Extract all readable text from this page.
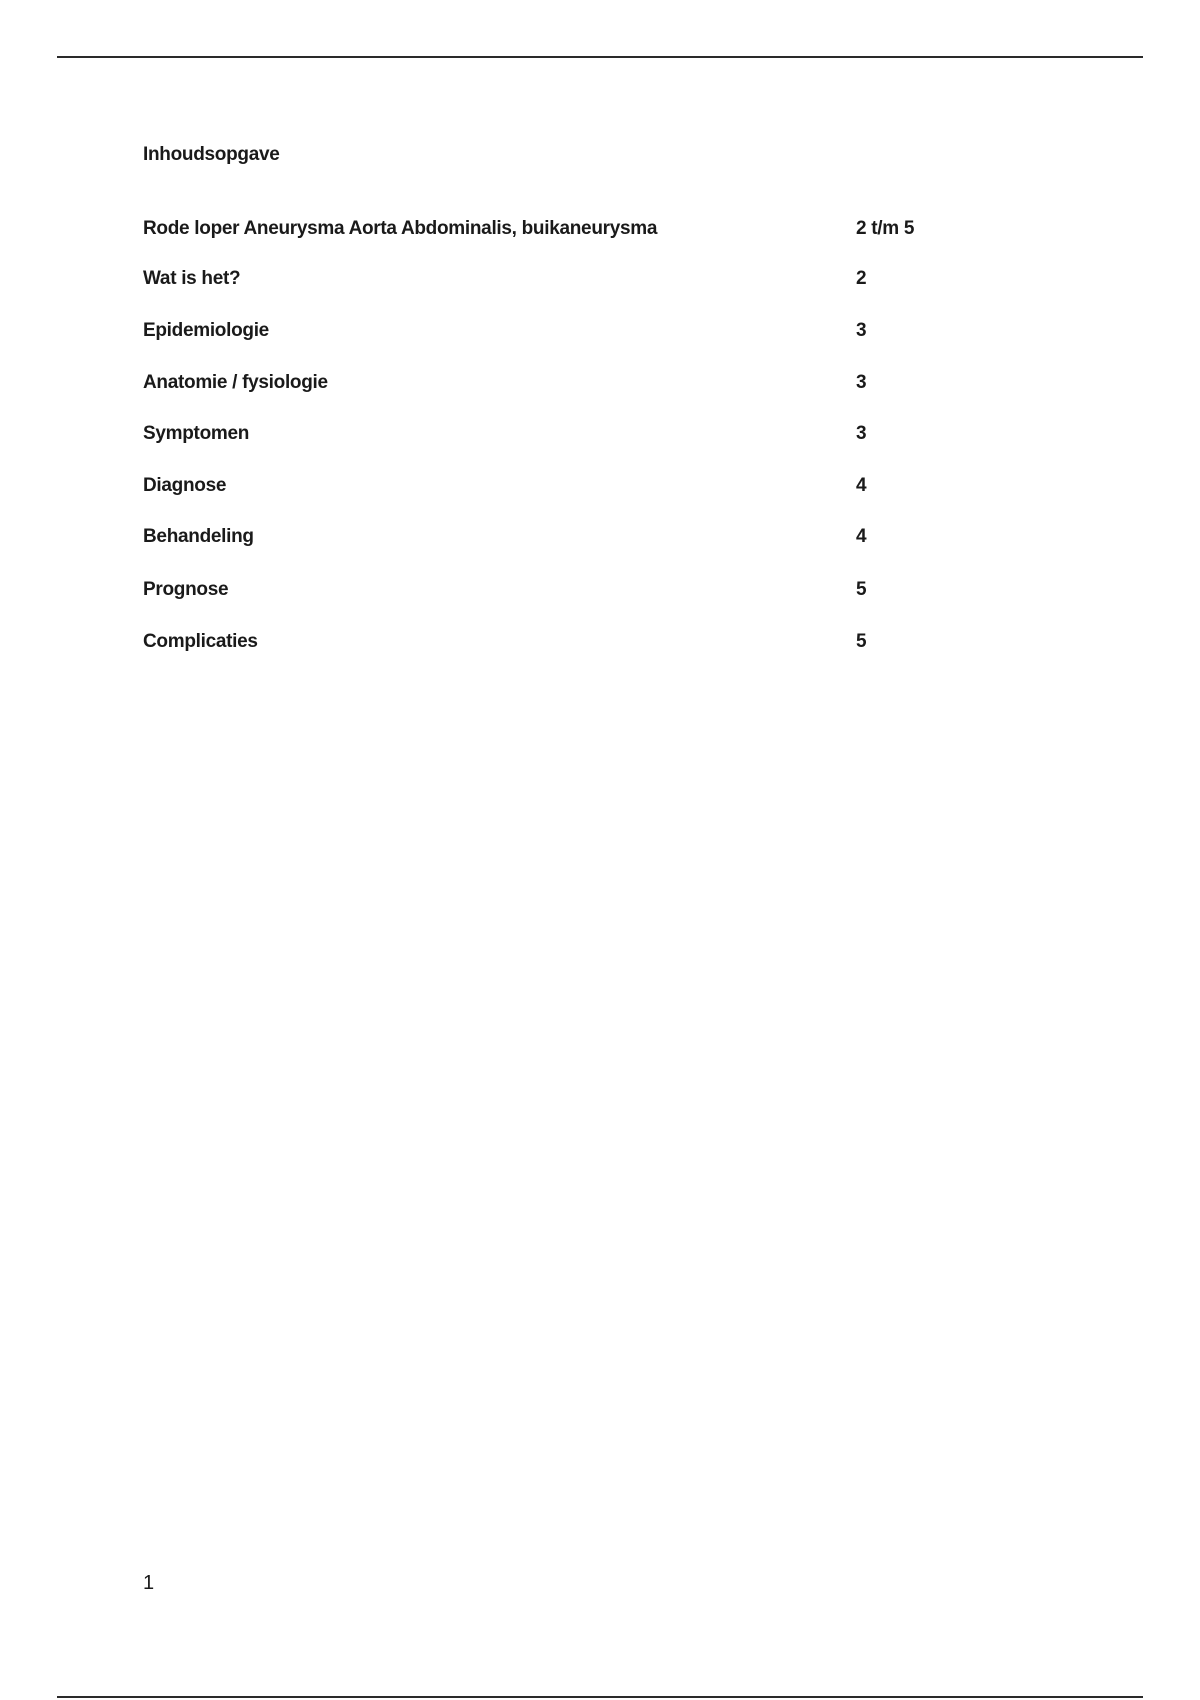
Inhoudsopgave
Rode loper Aneurysma Aorta Abdominalis, buikaneurysma	2 t/m 5
Wat is het?	2
Epidemiologie	3
Anatomie / fysiologie	3
Symptomen	3
Diagnose	4
Behandeling	4
Prognose	5
Complicaties	5
1
